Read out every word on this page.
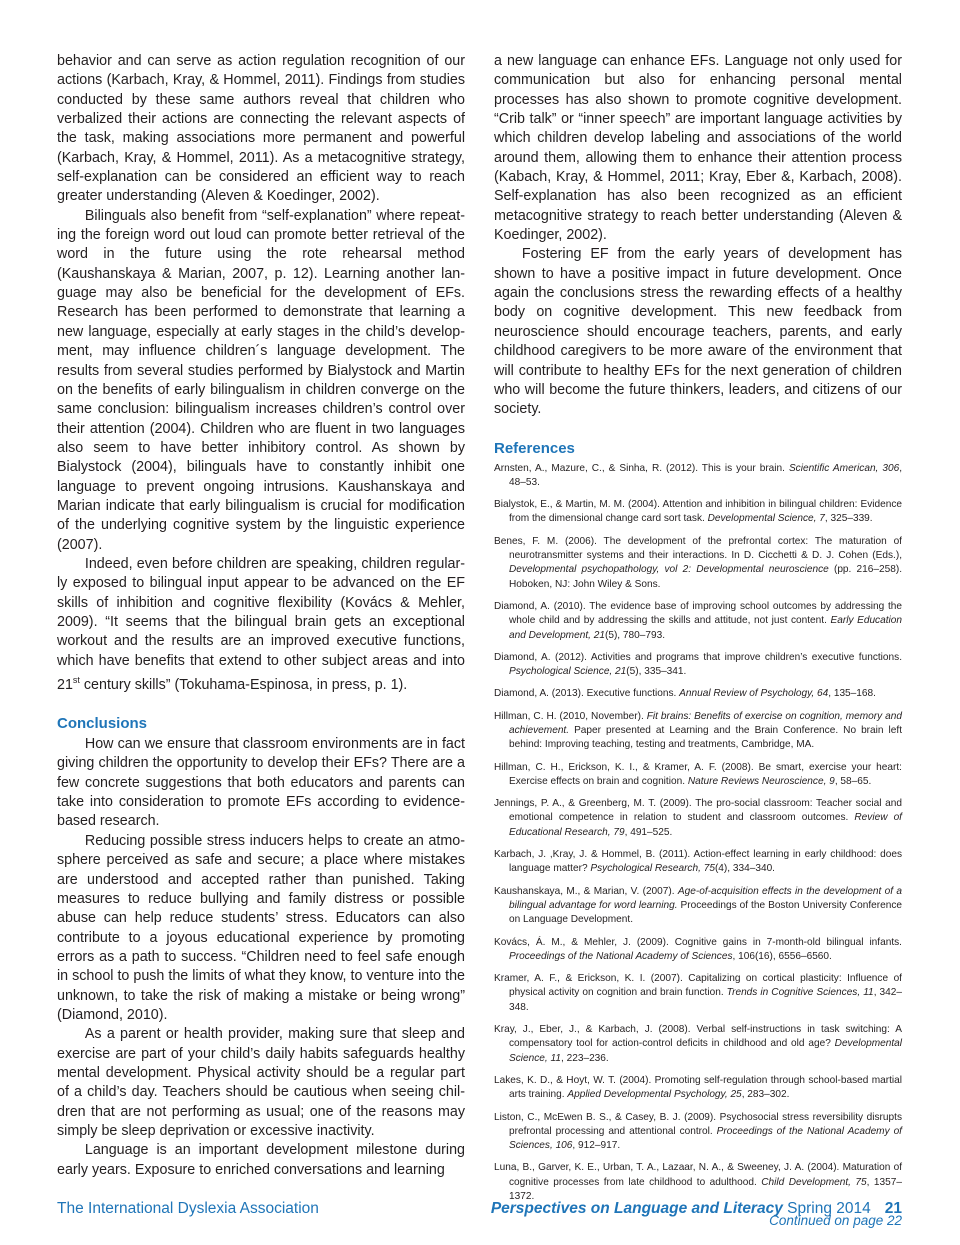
behavior and can serve as action regulation recognition of our actions (Karbach, Kray, & Hommel, 2011). Findings from studies conducted by these same authors reveal that children who verbalized their actions are connecting the relevant aspects of the task, making associations more permanent and powerful (Karbach, Kray, & Hommel, 2011). As a metacognitive strategy, self-explanation can be considered an efficient way to reach greater understanding (Aleven & Koedinger, 2002).

Bilinguals also benefit from “self-explanation” where repeating the foreign word out loud can promote better retrieval of the word in the future using the rote rehearsal method (Kaushanskaya & Marian, 2007, p. 12). Learning another language may also be beneficial for the development of EFs. Research has been performed to demonstrate that learning a new language, especially at early stages in the child’s development, may influence children´s language development. The results from several studies performed by Bialystock and Martin on the benefits of early bilingualism in children converge on the same conclusion: bilingualism increases children’s control over their attention (2004). Children who are fluent in two languages also seem to have better inhibitory control. As shown by Bialystock (2004), bilinguals have to constantly inhibit one language to prevent ongoing intrusions. Kaushanskaya and Marian indicate that early bilingualism is crucial for modification of the underlying cognitive system by the linguistic experience (2007).

Indeed, even before children are speaking, children regularly exposed to bilingual input appear to be advanced on the EF skills of inhibition and cognitive flexibility (Kovács & Mehler, 2009). “It seems that the bilingual brain gets an exceptional workout and the results are an improved executive functions, which have benefits that extend to other subject areas and into 21st century skills” (Tokuhama-Espinosa, in press, p. 1).

Conclusions

How can we ensure that classroom environments are in fact giving children the opportunity to develop their EFs? There are a few concrete suggestions that both educators and parents can take into consideration to promote EFs according to evidence-based research.

Reducing possible stress inducers helps to create an atmosphere perceived as safe and secure; a place where mistakes are understood and accepted rather than punished. Taking measures to reduce bullying and family distress or possible abuse can help reduce students’ stress. Educators can also contribute to a joyous educational experience by promoting errors as a path to success. “Children need to feel safe enough in school to push the limits of what they know, to venture into the unknown, to take the risk of making a mistake or being wrong” (Diamond, 2010).

As a parent or health provider, making sure that sleep and exercise are part of your child’s daily habits safeguards healthy mental development. Physical activity should be a regular part of a child’s day. Teachers should be cautious when seeing children that are not performing as usual; one of the reasons may simply be sleep deprivation or excessive inactivity.

Language is an important development milestone during early years. Exposure to enriched conversations and learning

a new language can enhance EFs. Language not only used for communication but also for enhancing personal mental processes has also shown to promote cognitive development. “Crib talk” or “inner speech” are important language activities by which children develop labeling and associations of the world around them, allowing them to enhance their attention process (Kabach, Kray, & Hommel, 2011; Kray, Eber &, Karbach, 2008). Self-explanation has also been recognized as an efficient metacognitive strategy to reach better understanding (Aleven & Koedinger, 2002).

Fostering EF from the early years of development has shown to have a positive impact in future development. Once again the conclusions stress the rewarding effects of a healthy body on cognitive development. This new feedback from neuroscience should encourage teachers, parents, and early childhood caregivers to be more aware of the environment that will contribute to healthy EFs for the next generation of children who will become the future thinkers, leaders, and citizens of our society.

References

Arnsten, A., Mazure, C., & Sinha, R. (2012). This is your brain. Scientific American, 306, 48–53.

Bialystok, E., & Martin, M. M. (2004). Attention and inhibition in bilingual children: Evidence from the dimensional change card sort task. Developmental Science, 7, 325–339.

Benes, F. M. (2006). The development of the prefrontal cortex: The maturation of neurotransmitter systems and their interactions. In D. Cicchetti & D. J. Cohen (Eds.), Developmental psychopathology, vol 2: Developmental neuroscience (pp. 216–258). Hoboken, NJ: John Wiley & Sons.

Diamond, A. (2010). The evidence base of improving school outcomes by addressing the whole child and by addressing the skills and attitude, not just content. Early Education and Development, 21(5), 780–793.

Diamond, A. (2012). Activities and programs that improve children’s executive functions. Psychological Science, 21(5), 335–341.

Diamond, A. (2013). Executive functions. Annual Review of Psychology, 64, 135–168.

Hillman, C. H. (2010, November). Fit brains: Benefits of exercise on cognition, memory and achievement. Paper presented at Learning and the Brain Conference. No brain left behind: Improving teaching, testing and treatments, Cambridge, MA.

Hillman, C. H., Erickson, K. I., & Kramer, A. F. (2008). Be smart, exercise your heart: Exercise effects on brain and cognition. Nature Reviews Neuroscience, 9, 58–65.

Jennings, P. A., & Greenberg, M. T. (2009). The pro-social classroom: Teacher social and emotional competence in relation to student and classroom outcomes. Review of Educational Research, 79, 491–525.

Karbach, J. ,Kray, J. & Hommel, B. (2011). Action-effect learning in early childhood: does language matter? Psychological Research, 75(4), 334–340.

Kaushanskaya, M., & Marian, V. (2007). Age-of-acquisition effects in the development of a bilingual advantage for word learning. Proceedings of the Boston University Conference on Language Development.

Kovács, Á. M., & Mehler, J. (2009). Cognitive gains in 7-month-old bilingual infants. Proceedings of the National Academy of Sciences, 106(16), 6556–6560.

Kramer, A. F., & Erickson, K. I. (2007). Capitalizing on cortical plasticity: Influence of physical activity on cognition and brain function. Trends in Cognitive Sciences, 11, 342–348.

Kray, J., Eber, J., & Karbach, J. (2008). Verbal self-instructions in task switching: A compensatory tool for action-control deficits in childhood and old age? Developmental Science, 11, 223–236.

Lakes, K. D., & Hoyt, W. T. (2004). Promoting self-regulation through school-based martial arts training. Applied Developmental Psychology, 25, 283–302.

Liston, C., McEwen B. S., & Casey, B. J. (2009). Psychosocial stress reversibility disrupts prefrontal processing and attentional control. Proceedings of the National Academy of Sciences, 106, 912–917.

Luna, B., Garver, K. E., Urban, T. A., Lazaar, N. A., & Sweeney, J. A. (2004). Maturation of cognitive processes from late childhood to adulthood. Child Development, 75, 1357–1372.

Continued on page 22
The International Dyslexia Association	Perspectives on Language and Literacy Spring 2014 21
